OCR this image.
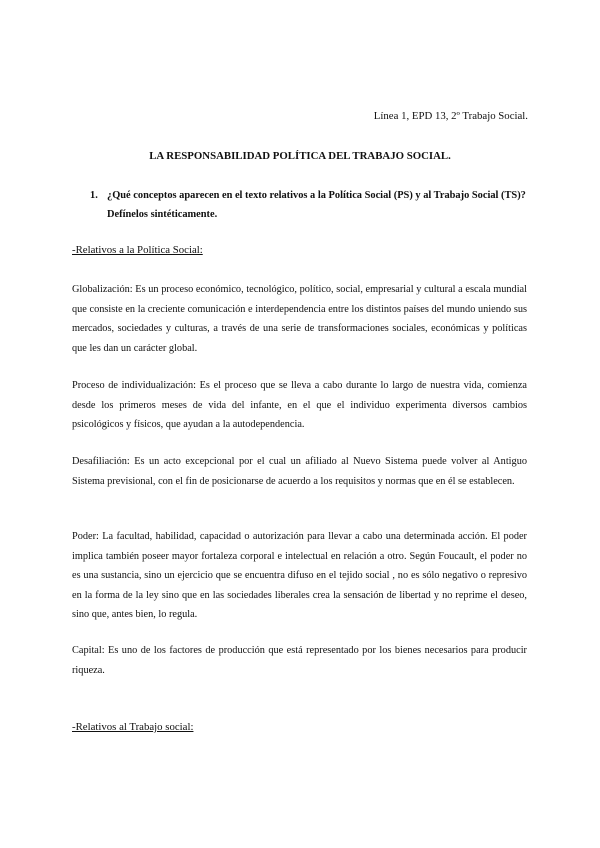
Línea 1, EPD 13, 2º Trabajo Social.
LA RESPONSABILIDAD POLÍTICA DEL TRABAJO SOCIAL.
1. ¿Qué conceptos aparecen en el texto relativos a la Política Social (PS) y al Trabajo Social (TS)? Defínelos sintéticamente.
-Relativos a la Política Social:
Globalización: Es un proceso económico, tecnológico, político, social, empresarial y cultural a escala mundial que consiste en la creciente comunicación e interdependencia entre los distintos países del mundo uniendo sus mercados, sociedades y culturas, a través de una serie de transformaciones sociales, económicas y políticas que les dan un carácter global.
Proceso de individualización: Es el proceso que se lleva a cabo durante lo largo de nuestra vida, comienza desde los primeros meses de vida del infante, en el que el individuo experimenta diversos cambios psicológicos y físicos, que ayudan a la autodependencia.
Desafiliación: Es un acto excepcional por el cual un afiliado al Nuevo Sistema puede volver al Antiguo Sistema previsional, con el fin de posicionarse de acuerdo a los requisitos y normas que en él se establecen.
Poder: La facultad, habilidad, capacidad o autorización para llevar a cabo una determinada acción. El poder implica también poseer mayor fortaleza corporal e intelectual en relación a otro. Según Foucault, el poder no es una sustancia, sino un ejercicio que se encuentra difuso en el tejido social , no es sólo negativo o represivo en la forma de la ley sino que en las sociedades liberales crea la sensación de libertad y no reprime el deseo, sino que, antes bien, lo regula.
Capital: Es uno de los factores de producción que está representado por los bienes necesarios para producir riqueza.
-Relativos al Trabajo social:
